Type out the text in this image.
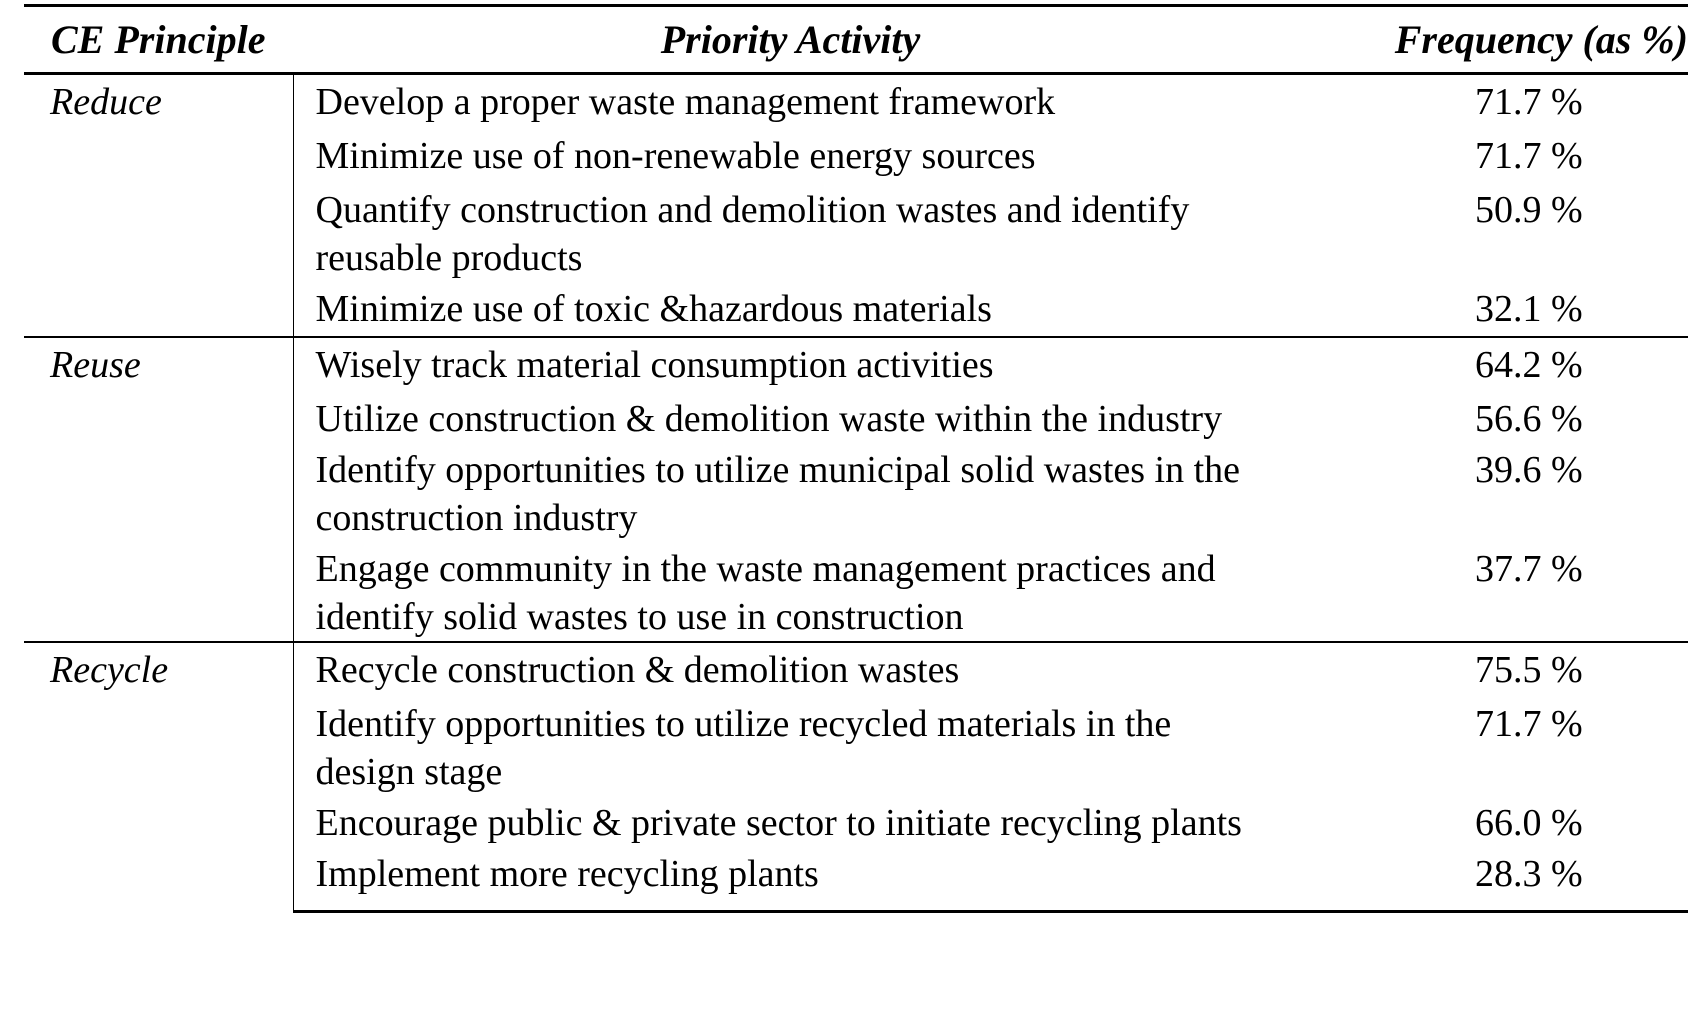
CE Principle	Priority Activity	Frequency (as %)
Reduce	Develop a proper waste management framework	71.7 %
	Minimize use of non-renewable energy sources	71.7 %
	Quantify construction and demolition wastes and identify reusable products	50.9 %
	Minimize use of toxic &hazardous materials	32.1 %
Reuse	Wisely track material consumption activities	64.2 %
	Utilize construction & demolition waste within the industry	56.6 %
	Identify opportunities to utilize municipal solid wastes in the construction industry	39.6 %
	Engage community in the waste management practices and identify solid wastes to use in construction	37.7 %
Recycle	Recycle construction & demolition wastes	75.5 %
	Identify opportunities to utilize recycled materials in the design stage	71.7 %
	Encourage public & private sector to initiate recycling plants	66.0 %
	Implement more recycling plants	28.3 %
